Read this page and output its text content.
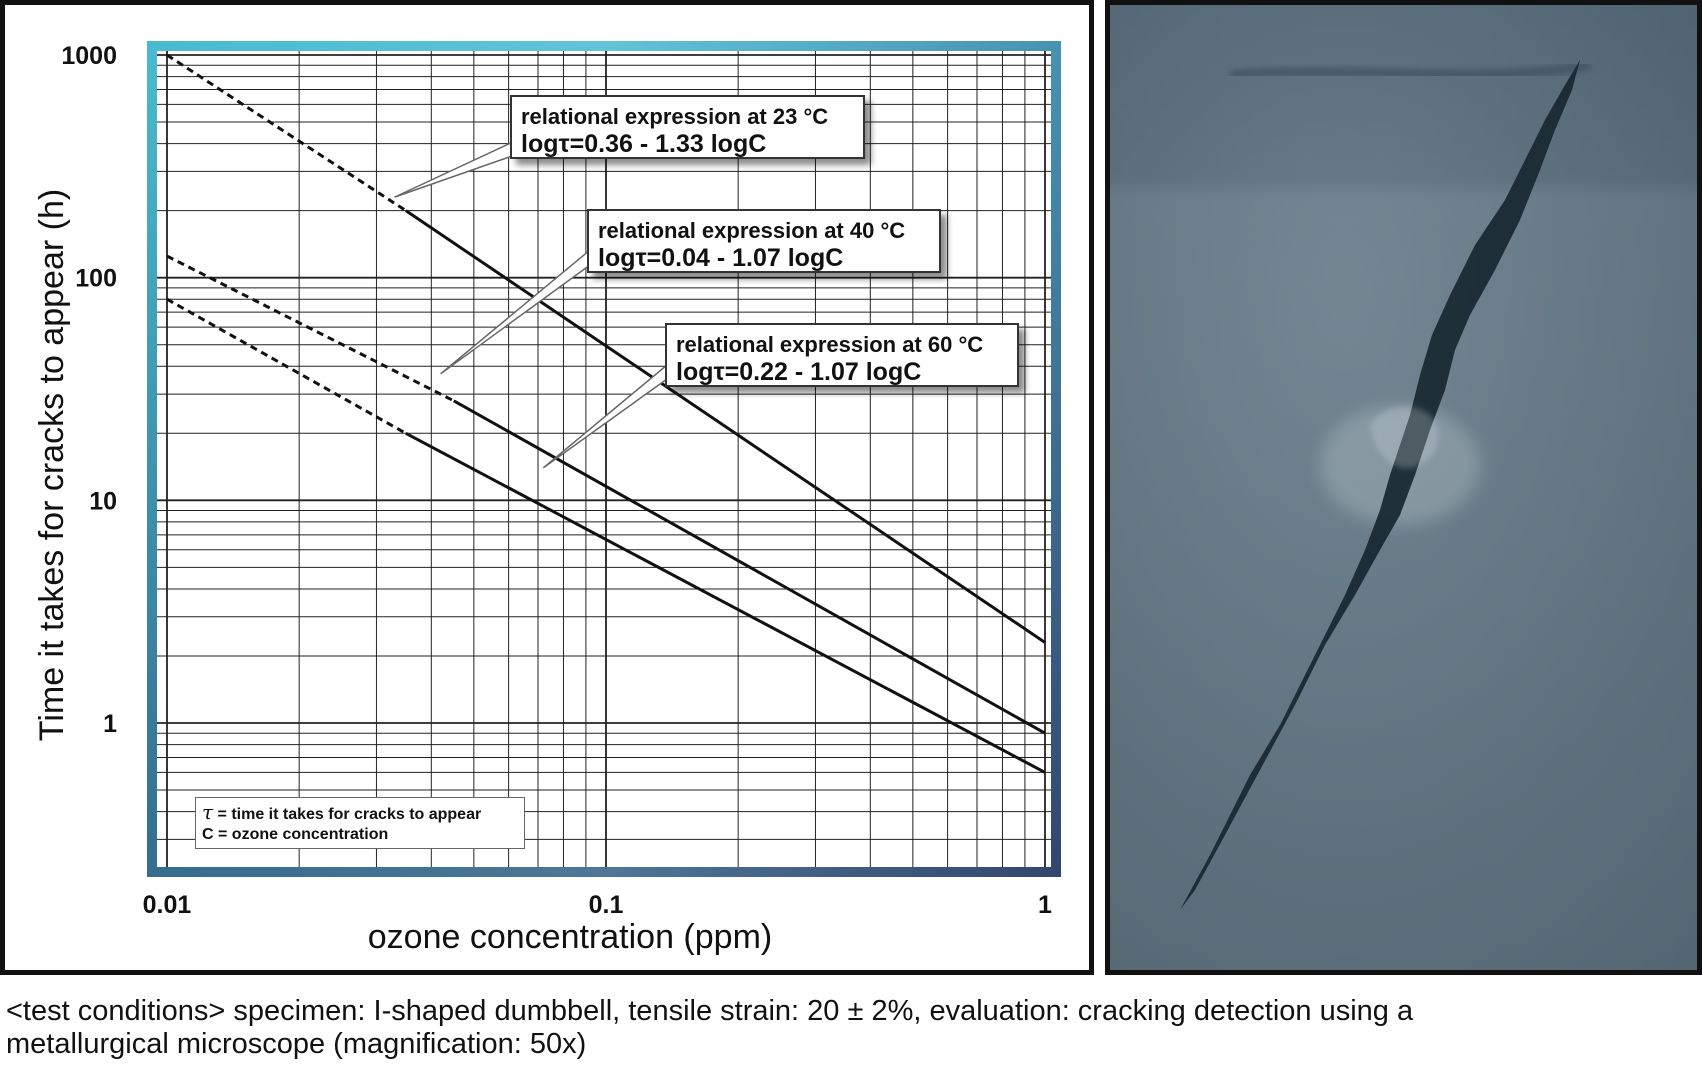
1000
100
10
1
0.01	0.1	1
ozone concentration (ppm)
Time it takes for cracks to appear (h)
relational expression at 23 °C
logτ=0.36 - 1.33 logC
relational expression at 40 °C
logτ=0.04 - 1.07 logC
relational expression at 60 °C
logτ=0.22 - 1.07 logC
τ = time it takes for cracks to appear
C = ozone concentration
<test conditions> specimen: I-shaped dumbbell, tensile strain: 20 ± 2%, evaluation: cracking detection using a
metallurgical microscope (magnification: 50x)
